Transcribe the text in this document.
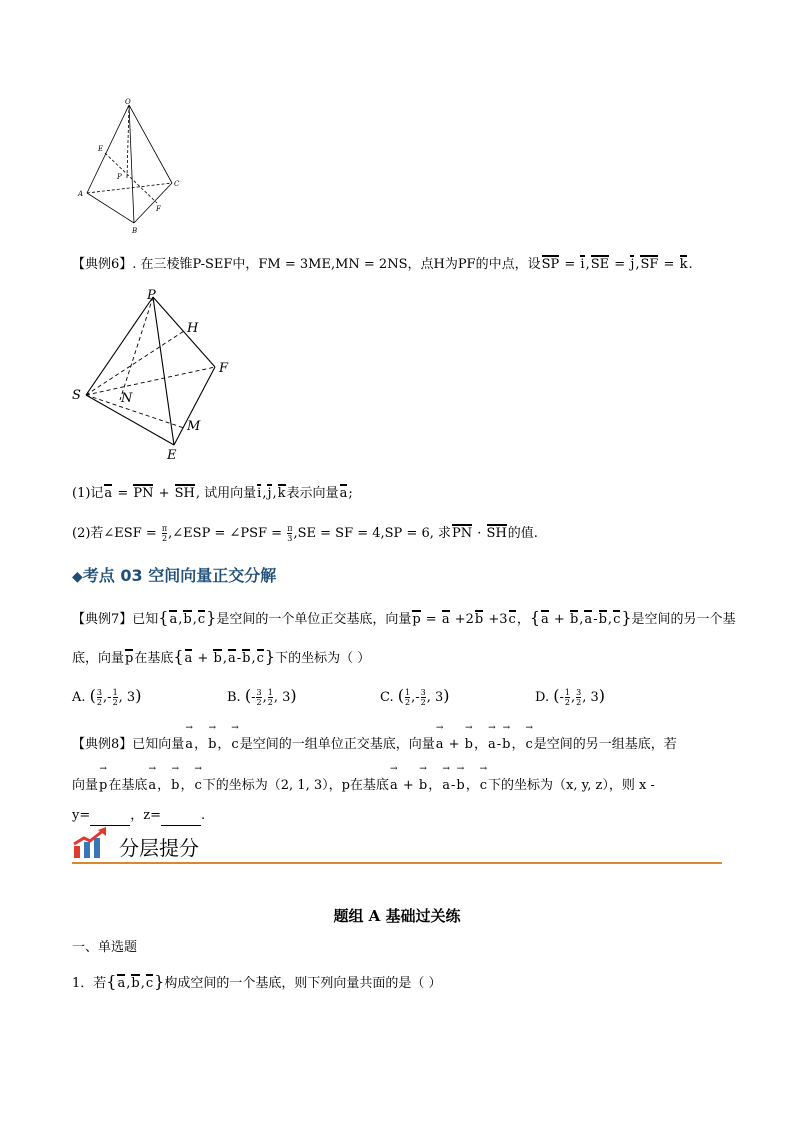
O
E
P
A
C
B
F
【典例6】. 在三棱锥P-SEF中，FM = 3ME,MN = 2NS，点H为PF的中点，设SP = i,SE = j,SF = k.
P
H
F
S	N
M
E
(1)记a = PN + SH, 试用向量i,j,k表示向量a;
(2)若∠ESF = $\frac{\pi}{2}$ ,∠ESP = ∠PSF = $\frac{\pi}{3} ,SE$ = SF = 4,SP = 6, 求PN · SH的值.
◆考点 03 空间向量正交分解
【典例7】已知{a,b,c}是空间的一个单位正交基底，向量p = a +2b +3c，{a + b,a-b,c}是空间的另一个基
底，向量p在基底{a + b,a-b,c}下的坐标为（ ）
A. ( $\frac{3}{2}$ ,- $\frac{1}{2}$ , 3)	B. (- $\frac{3}{2}$ , $\frac{1}{2}$ , 3)	C. ( $\frac{1}{2}$ ,- $\frac{3}{2}$ , 3)	D. (- $\frac{1}{2}$ , $\frac{3}{2}$ , 3)
【典例8】已知向量→ a，→ b，→ c是空间的一组单位正交基底，向量→ a + → b，→ a-→ b，→ c是空间的另一组基底，若
向量→ p在基底→ a，→ b，→ c下的坐标为（2, 1, 3），p在基底→ a + → b，→ a-→ b，→ c下的坐标为（x, y, z），则 x -
y=	，z=	.
分层提分
题组 A 基础过关练
一、单选题
1．若{a,b,c}构成空间的一个基底，则下列向量共面的是（ ）
